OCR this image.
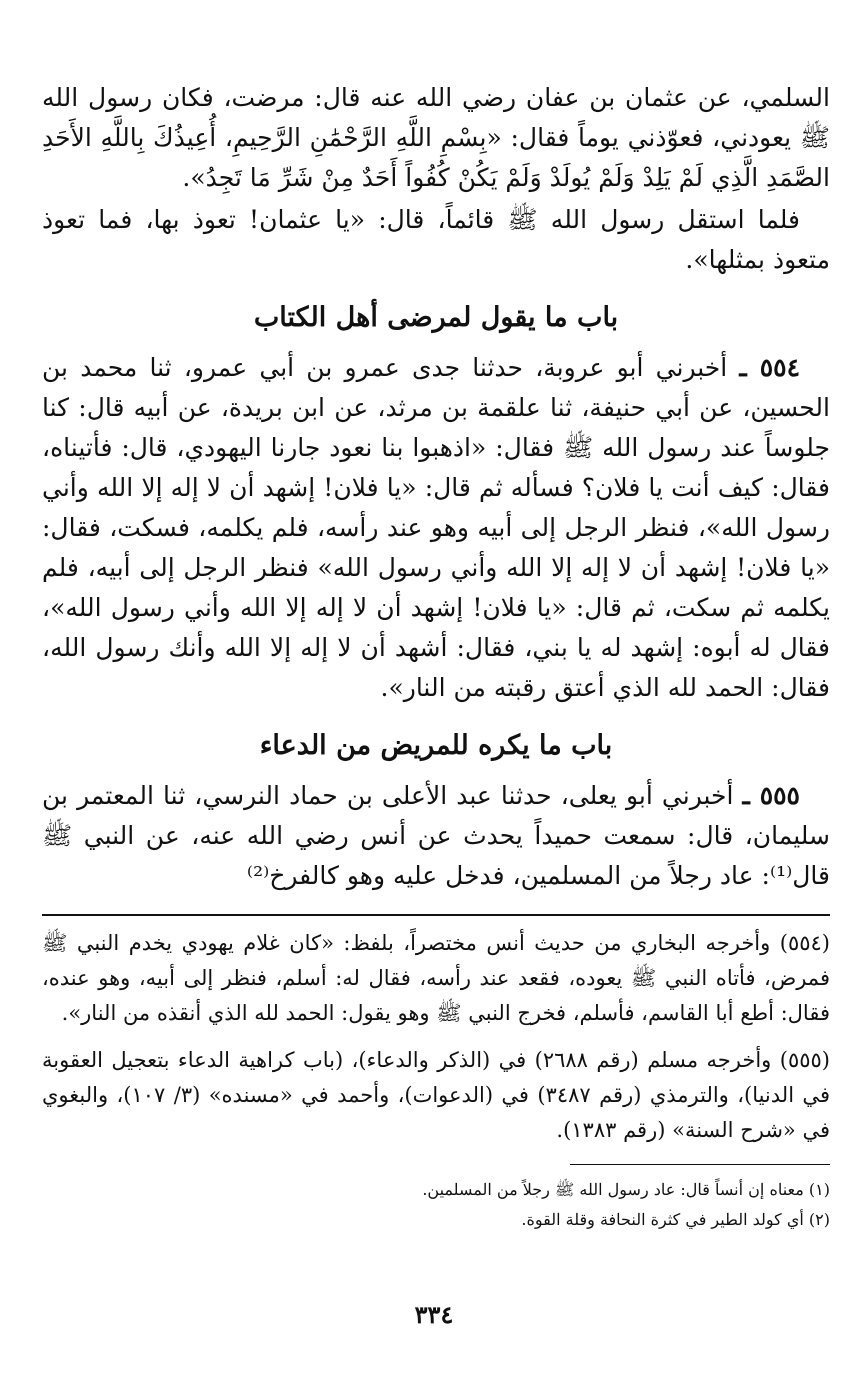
السلمي، عن عثمان بن عفان رضي الله عنه قال: مرضت، فكان رسول الله ﷺ يعودني، فعوّذني يوماً فقال: «بِسْمِ اللَّهِ الرَّحْمَٰنِ الرَّحِيمِ، أُعِيذُكَ بِاللَّهِ الأَحَدِ الصَّمَدِ الَّذِي لَمْ يَلِدْ وَلَمْ يُولَدْ وَلَمْ يَكُنْ كُفُواً أَحَدٌ مِنْ شَرِّ مَا تَجِدُ».

فلما استقل رسول الله ﷺ قائماً، قال: «يا عثمان! تعوذ بها، فما تعوذ متعوذ بمثلها».

باب ما يقول لمرضى أهل الكتاب

٥٥٤ ـ أخبرني أبو عروبة، حدثنا جدى عمرو بن أبي عمرو، ثنا محمد بن الحسين، عن أبي حنيفة، ثنا علقمة بن مرثد، عن ابن بريدة، عن أبيه قال: كنا جلوساً عند رسول الله ﷺ فقال: «اذهبوا بنا نعود جارنا اليهودي، قال: فأتيناه، فقال: كيف أنت يا فلان؟ فسأله ثم قال: «يا فلان! إشهد أن لا إله إلا الله وأني رسول الله»، فنظر الرجل إلى أبيه وهو عند رأسه، فلم يكلمه، فسكت، فقال: «يا فلان! إشهد أن لا إله إلا الله وأني رسول الله» فنظر الرجل إلى أبيه، فلم يكلمه ثم سكت، ثم قال: «يا فلان! إشهد أن لا إله إلا الله وأني رسول الله»، فقال له أبوه: إشهد له يا بني، فقال: أشهد أن لا إله إلا الله وأنك رسول الله، فقال: الحمد لله الذي أعتق رقبته من النار».

باب ما يكره للمريض من الدعاء

٥٥٥ ـ أخبرني أبو يعلى، حدثنا عبد الأعلى بن حماد النرسي، ثنا المعتمر بن سليمان، قال: سمعت حميداً يحدث عن أنس رضي الله عنه، عن النبي ﷺ قال⁽¹⁾: عاد رجلاً من المسلمين، فدخل عليه وهو كالفرخ⁽²⁾

(٥٥٤) وأخرجه البخاري من حديث أنس مختصراً، بلفظ: «كان غلام يهودي يخدم النبي ﷺ فمرض، فأتاه النبي ﷺ يعوده، فقعد عند رأسه، فقال له: أسلم، فنظر إلى أبيه، وهو عنده، فقال: أطع أبا القاسم، فأسلم، فخرج النبي ﷺ وهو يقول: الحمد لله الذي أنقذه من النار».

(٥٥٥) وأخرجه مسلم (رقم ٢٦٨٨) في (الذكر والدعاء)، (باب كراهية الدعاء بتعجيل العقوبة في الدنيا)، والترمذي (رقم ٣٤٨٧) في (الدعوات)، وأحمد في «مسنده» (٣/ ١٠٧)، والبغوي في «شرح السنة» (رقم ١٣٨٣).

(١) معناه إن أنساً قال: عاد رسول الله ﷺ رجلاً من المسلمين.

(٢) أي كولد الطير في كثرة النحافة وقلة القوة.

٣٣٤
